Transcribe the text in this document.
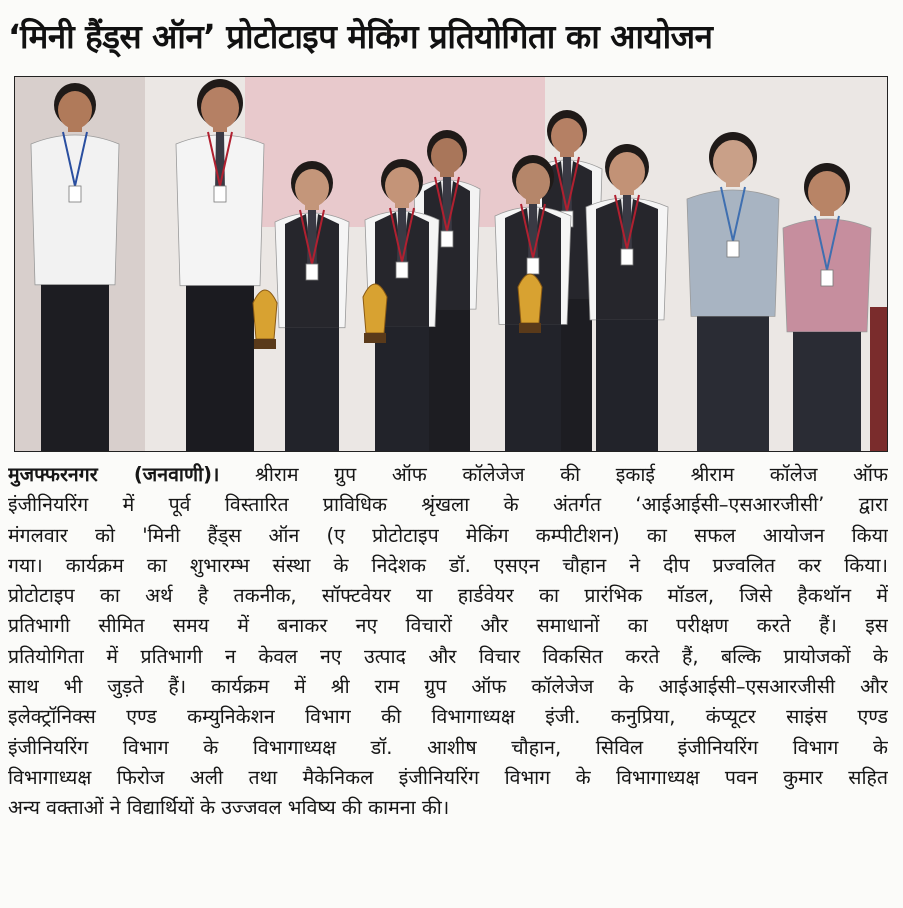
‘मिनी हैंड्स ऑन’ प्रोटोटाइप मेकिंग प्रतियोगिता का आयोजन
मुजफ्फरनगर (जनवाणी)। श्रीराम ग्रुप ऑफ कॉलेजेज की इकाई श्रीराम कॉलेज ऑफ
इंजीनियरिंग में पूर्व विस्तारित प्राविधिक श्रृंखला के अंतर्गत ‘आईआईसी–एसआरजीसी’ द्वारा
मंगलवार को 'मिनी हैंड्स ऑन (ए प्रोटोटाइप मेकिंग कम्पीटीशन) का सफल आयोजन किया
गया। कार्यक्रम का शुभारम्भ संस्था के निदेशक डॉ. एसएन चौहान ने दीप प्रज्वलित कर किया।
प्रोटोटाइप का अर्थ है तकनीक, सॉफ्टवेयर या हार्डवेयर का प्रारंभिक मॉडल, जिसे हैकथॉन में
प्रतिभागी सीमित समय में बनाकर नए विचारों और समाधानों का परीक्षण करते हैं। इस
प्रतियोगिता में प्रतिभागी न केवल नए उत्पाद और विचार विकसित करते हैं, बल्कि प्रायोजकों के
साथ भी जुड़ते हैं। कार्यक्रम में श्री राम ग्रुप ऑफ कॉलेजेज के आईआईसी–एसआरजीसी और
इलेक्ट्रॉनिक्स एण्ड कम्युनिकेशन विभाग की विभागाध्यक्ष इंजी. कनुप्रिया, कंप्यूटर साइंस एण्ड
इंजीनियरिंग विभाग के विभागाध्यक्ष डॉ. आशीष चौहान, सिविल इंजीनियरिंग विभाग के
विभागाध्यक्ष फिरोज अली तथा मैकेनिकल इंजीनियरिंग विभाग के विभागाध्यक्ष पवन कुमार सहित
अन्य वक्ताओं ने विद्यार्थियों के उज्जवल भविष्य की कामना की।
